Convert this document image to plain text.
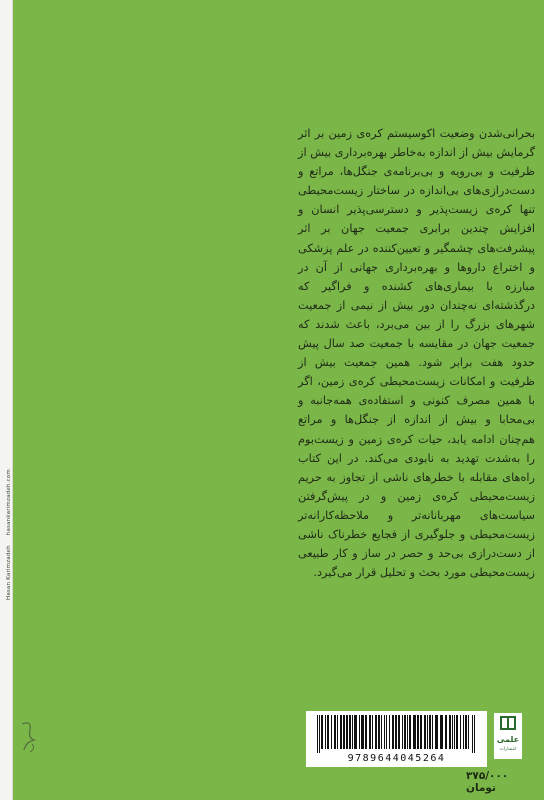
بحرانی‌شدن وضعیت اکوسیستم کره‌ی زمین بر اثر گرمایش بیش از اندازه به‌خاطر بهره‌برداری بیش از ظرفیت و بی‌رویه و بی‌برنامه‌ی جنگل‌ها، مراتع و دست‌درازی‌های بی‌اندازه در ساختار زیست‌محیطی تنها کره‌ی زیست‌پذیر و دسترسی‌پذیر انسان و افزایش چندین برابری جمعیت جهان بر اثر پیشرفت‌های چشمگیر و تعیین‌کننده در علم پزشکی و اختراع داروها و بهره‌برداری جهانی از آن در مبارزه با بیماری‌های کشنده و فراگیر که درگذشته‌ای نه‌چندان دور بیش از نیمی از جمعیت شهرهای بزرگ را از بین می‌برد، باعث شدند که جمعیت جهان در مقایسه با جمعیت صد سال پیش حدود هفت برابر شود. همین جمعیت بیش از ظرفیت و امکانات زیست‌محیطی کره‌ی زمین، اگر با همین مصرف کنونی و استفاده‌ی همه‌جانبه و بی‌محابا و بیش از اندازه از جنگل‌ها و مراتع هم‌چنان ادامه یابد، حیات کره‌ی زمین و زیست‌بوم را به‌شدت تهدید به نابودی می‌کند. در این کتاب راه‌های مقابله با خطرهای ناشی از تجاوز به حریم زیست‌محیطی کره‌ی زمین و در پیش‌گرفتن سیاست‌های مهربانانه‌تر و ملاحظه‌کارانه‌تر زیست‌محیطی و جلوگیری از فجایع خطرناک ناشی از دست‌درازی بی‌حد و حصر در ساز و کار طبیعی زیست‌محیطی مورد بحث و تحلیل قرار می‌گیرد.

Hasan Karimzadeh hasankarimzadeh.com
9789644045264
علمی
انتشارات
۳۷۵/۰۰۰ تومان
